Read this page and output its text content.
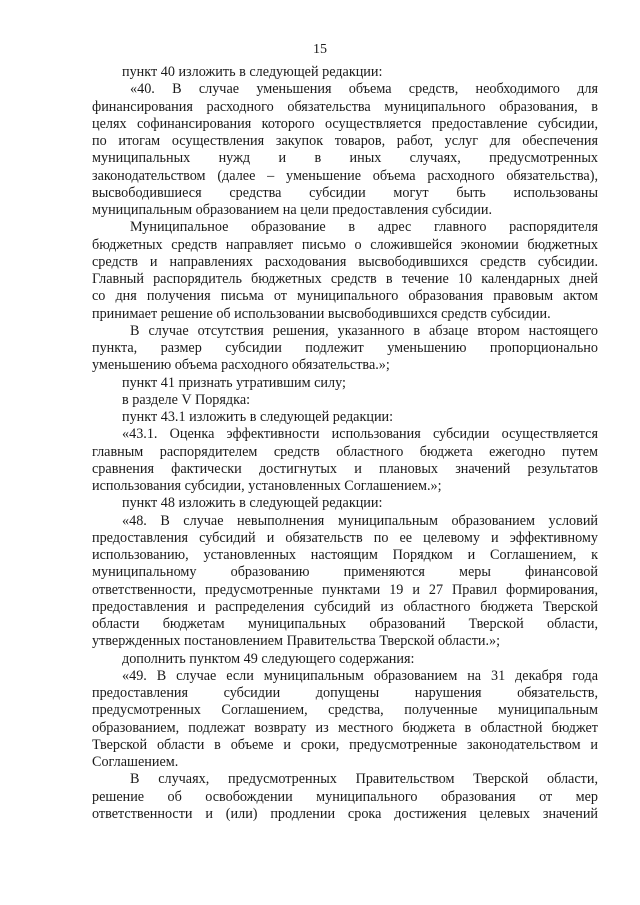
15
пункт 40 изложить в следующей редакции:
«40. В случае уменьшения объема средств, необходимого для
финансирования расходного обязательства муниципального образования, в
целях софинансирования которого осуществляется предоставление субсидии,
по итогам осуществления закупок товаров, работ, услуг для обеспечения
муниципальных нужд и в иных случаях, предусмотренных
законодательством (далее – уменьшение объема расходного обязательства),
высвободившиеся средства субсидии могут быть использованы
муниципальным образованием на цели предоставления субсидии.
Муниципальное образование в адрес главного распорядителя
бюджетных средств направляет письмо о сложившейся экономии бюджетных
средств и направлениях расходования высвободившихся средств субсидии.
Главный распорядитель бюджетных средств в течение 10 календарных дней
со дня получения письма от муниципального образования правовым актом
принимает решение об использовании высвободившихся средств субсидии.
В случае отсутствия решения, указанного в абзаце втором настоящего
пункта, размер субсидии подлежит уменьшению пропорционально
уменьшению объема расходного обязательства.»;
пункт 41 признать утратившим силу;
в разделе V Порядка:
пункт 43.1 изложить в следующей редакции:
«43.1. Оценка эффективности использования субсидии осуществляется
главным распорядителем средств областного бюджета ежегодно путем
сравнения фактически достигнутых и плановых значений результатов
использования субсидии, установленных Соглашением.»;
пункт 48 изложить в следующей редакции:
«48. В случае невыполнения муниципальным образованием условий
предоставления субсидий и обязательств по ее целевому и эффективному
использованию, установленных настоящим Порядком и Соглашением, к
муниципальному образованию применяются меры финансовой
ответственности, предусмотренные пунктами 19 и 27 Правил формирования,
предоставления и распределения субсидий из областного бюджета Тверской
области бюджетам муниципальных образований Тверской области,
утвержденных постановлением Правительства Тверской области.»;
дополнить пунктом 49 следующего содержания:
«49. В случае если муниципальным образованием на 31 декабря года
предоставления субсидии допущены нарушения обязательств,
предусмотренных Соглашением, средства, полученные муниципальным
образованием, подлежат возврату из местного бюджета в областной бюджет
Тверской области в объеме и сроки, предусмотренные законодательством и
Соглашением.
В случаях, предусмотренных Правительством Тверской области,
решение об освобождении муниципального образования от мер
ответственности и (или) продлении срока достижения целевых значений
